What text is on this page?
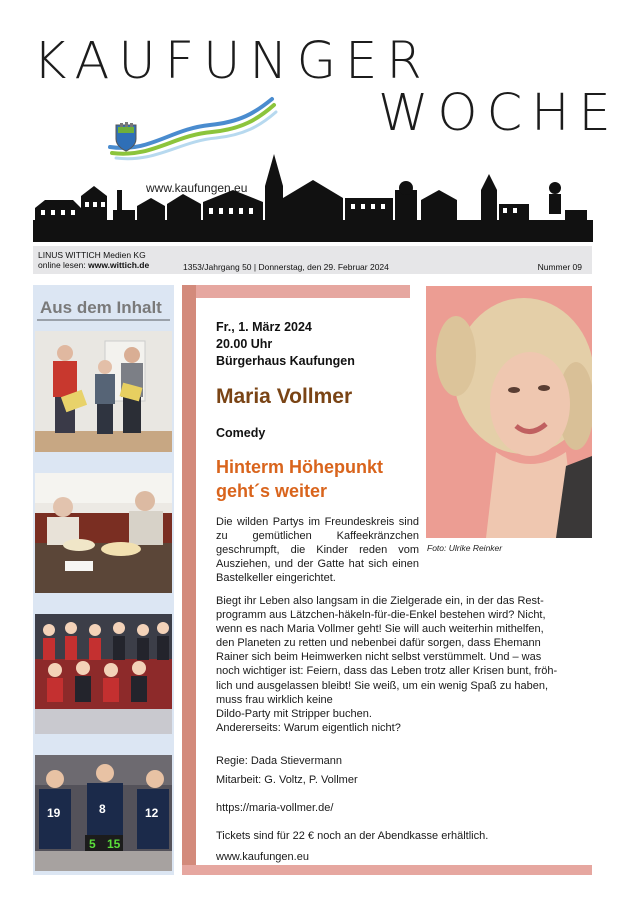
KAUFUNGER
WOCHE
www.kaufungen.eu
LINUS WITTICH Medien KG
online lesen: www.wittich.de	1353/Jahrgang 50 | Donnerstag, den 29. Februar 2024	Nummer 09
Aus dem Inhalt
19	8	12
5 15
Foto: Ulrike Reinker
Fr., 1. März 2024
20.00 Uhr
Bürgerhaus Kaufungen
Maria Vollmer
Comedy
Hinterm Höhepunkt
geht´s weiter
Die wilden Partys im Freundeskreis sind zu gemütlichen Kaffeekränzchen geschrumpft, die Kinder reden vom Ausziehen, und der Gatte hat sich einen Bastelkeller eingerichtet.
Biegt ihr Leben also langsam in die Zielgerade ein, in der das Rest-
programm aus Lätzchen-häkeln-für-die-Enkel bestehen wird? Nicht,
wenn es nach Maria Vollmer geht! Sie will auch weiterhin mithelfen,
den Planeten zu retten und nebenbei dafür sorgen, dass Ehemann
Rainer sich beim Heimwerken nicht selbst verstümmelt. Und – was
noch wichtiger ist: Feiern, dass das Leben trotz aller Krisen bunt, fröh-
lich und ausgelassen bleibt! Sie weiß, um ein wenig Spaß zu haben,
muss frau wirklich keine
Dildo-Party mit Stripper buchen.
Andererseits: Warum eigentlich nicht?
Regie: Dada Stievermann
Mitarbeit: G. Voltz, P. Vollmer
https://maria-vollmer.de/
Tickets sind für 22 € noch an der Abendkasse erhältlich.
www.kaufungen.eu
